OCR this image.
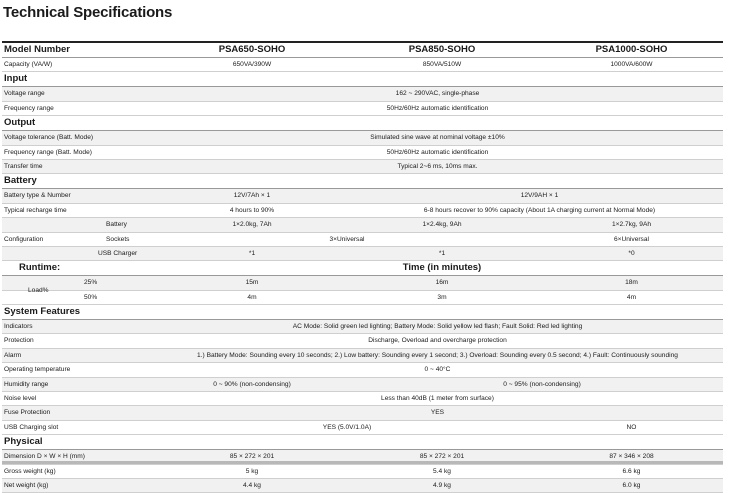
Technical Specifications
Model Number	PSA650-SOHO	PSA850-SOHO	PSA1000-SOHO
Capacity (VA/W)	650VA/390W	850VA/510W	1000VA/600W
Input
Voltage range	162 ~ 290VAC, single-phase
Frequency range	50Hz/60Hz automatic identification
Output
Voltage tolerance (Batt. Mode)	Simulated sine wave at nominal voltage ±10%
Frequency range (Batt. Mode)	50Hz/60Hz automatic identification
Transfer time	Typical 2~6 ms, 10ms max.
Battery
Battery type & Number	12V/7Ah × 1	12V/9AH × 1
Typical recharge time	4 hours to 90%	6-8 hours recover to 90% capacity (About 1A charging current at Normal Mode)
Battery	1×2.0kg, 7Ah	1×2.4kg, 9Ah	1×2.7kg, 9Ah
Configuration	Sockets	3×Universal	6×Universal
USB Charger	*1	*1	*0
Runtime:	Time (in minutes)
25%	15m	16m	18m
Load%
50%	4m	3m	4m
System Features
Indicators	AC Mode: Solid green led lighting; Battery Mode: Solid yellow led flash; Fault Solid: Red led lighting
Protection	Discharge, Overload and overcharge protection
Alarm	1.) Battery Mode: Sounding every 10 seconds; 2.) Low battery: Sounding every 1 second; 3.) Overload: Sounding every 0.5 second; 4.) Fault: Continuously sounding
Operating temperature	0 ~ 40°C
Humidity range	0 ~ 90% (non-condensing)	0 ~ 95% (non-condensing)
Noise level	Less than 40dB (1 meter from surface)
Fuse Protection	YES
USB Charging slot	YES (5.0V/1.0A)	NO
Physical
Dimension D × W × H (mm)	85 × 272 × 201	85 × 272 × 201	87 × 346 × 208
Gross weight (kg)	5 kg	5.4 kg	6.6 kg
Net weight (kg)	4.4 kg	4.9 kg	6.0 kg
